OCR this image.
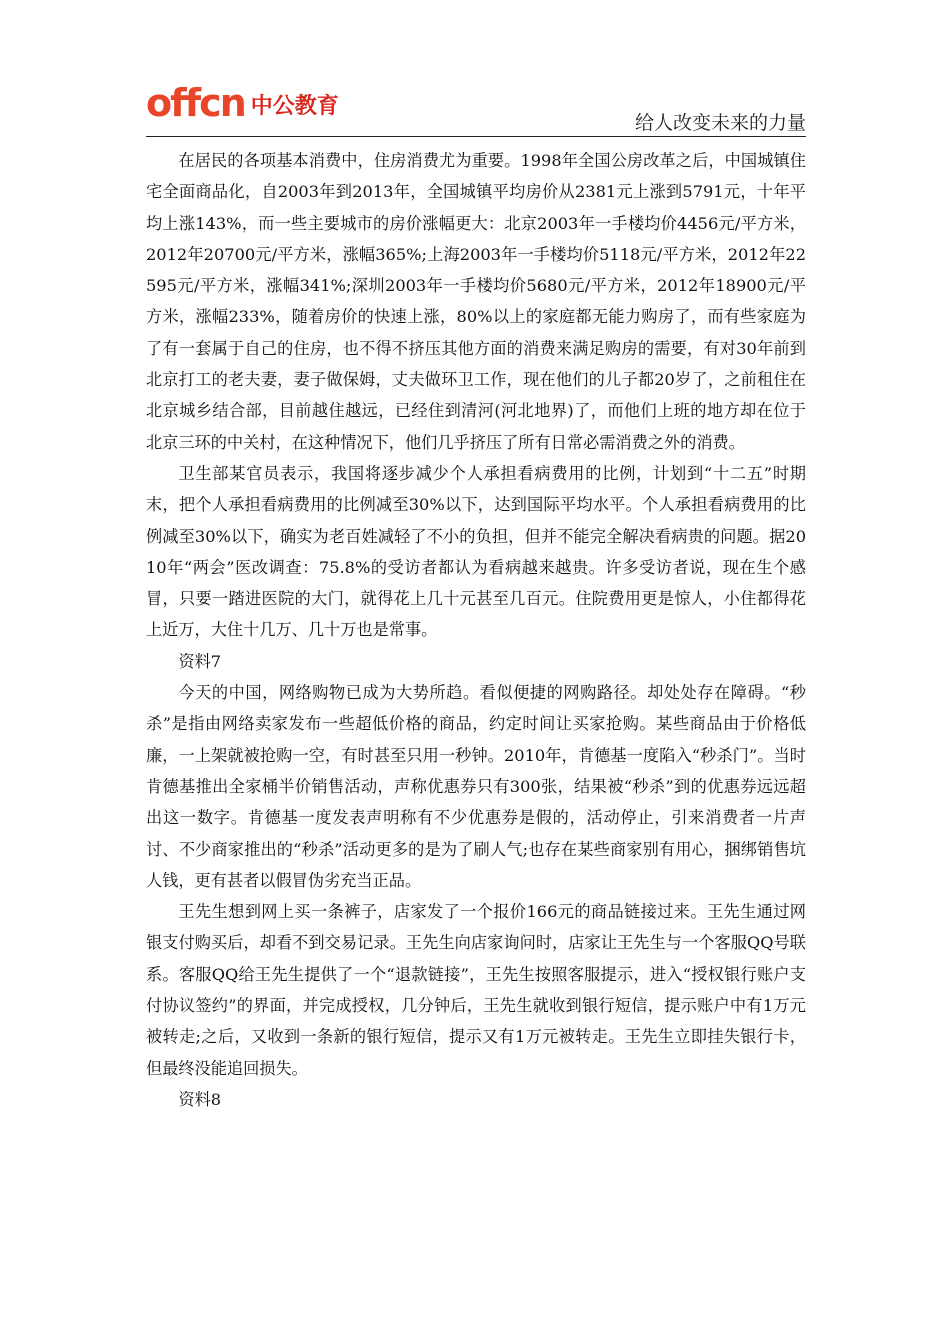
offcn 中公教育
给人改变未来的力量

在居民的各项基本消费中，住房消费尤为重要。1998年全国公房改革之后，中国城镇住宅全面商品化，自2003年到2013年，全国城镇平均房价从2381元上涨到5791元，十年平均上涨143%，而一些主要城市的房价涨幅更大：北京2003年一手楼均价4456元/平方米，2012年20700元/平方米，涨幅365%;上海2003年一手楼均价5118元/平方米，2012年22595元/平方米，涨幅341%;深圳2003年一手楼均价5680元/平方米，2012年18900元/平方米，涨幅233%，随着房价的快速上涨，80%以上的家庭都无能力购房了，而有些家庭为了有一套属于自己的住房，也不得不挤压其他方面的消费来满足购房的需要，有对30年前到北京打工的老夫妻，妻子做保姆，丈夫做环卫工作，现在他们的儿子都20岁了，之前租住在北京城乡结合部，目前越住越远，已经住到清河(河北地界)了，而他们上班的地方却在位于北京三环的中关村，在这种情况下，他们几乎挤压了所有日常必需消费之外的消费。

卫生部某官员表示，我国将逐步减少个人承担看病费用的比例，计划到“十二五”时期末，把个人承担看病费用的比例减至30%以下，达到国际平均水平。个人承担看病费用的比例减至30%以下，确实为老百姓减轻了不小的负担，但并不能完全解决看病贵的问题。据2010年“两会”医改调查：75.8%的受访者都认为看病越来越贵。许多受访者说，现在生个感冒，只要一踏进医院的大门，就得花上几十元甚至几百元。住院费用更是惊人，小住都得花上近万，大住十几万、几十万也是常事。

资料7

今天的中国，网络购物已成为大势所趋。看似便捷的网购路径。却处处存在障碍。“秒杀”是指由网络卖家发布一些超低价格的商品，约定时间让买家抢购。某些商品由于价格低廉，一上架就被抢购一空，有时甚至只用一秒钟。2010年，肯德基一度陷入“秒杀门”。当时肯德基推出全家桶半价销售活动，声称优惠券只有300张，结果被“秒杀”到的优惠券远远超出这一数字。肯德基一度发表声明称有不少优惠券是假的，活动停止，引来消费者一片声讨、不少商家推出的“秒杀”活动更多的是为了刷人气;也存在某些商家别有用心，捆绑销售坑人钱，更有甚者以假冒伪劣充当正品。

王先生想到网上买一条裤子，店家发了一个报价166元的商品链接过来。王先生通过网银支付购买后，却看不到交易记录。王先生向店家询问时，店家让王先生与一个客服QQ号联系。客服QQ给王先生提供了一个“退款链接”，王先生按照客服提示，进入“授权银行账户支付协议签约”的界面，并完成授权，几分钟后，王先生就收到银行短信，提示账户中有1万元被转走;之后，又收到一条新的银行短信，提示又有1万元被转走。王先生立即挂失银行卡，但最终没能追回损失。

资料8
